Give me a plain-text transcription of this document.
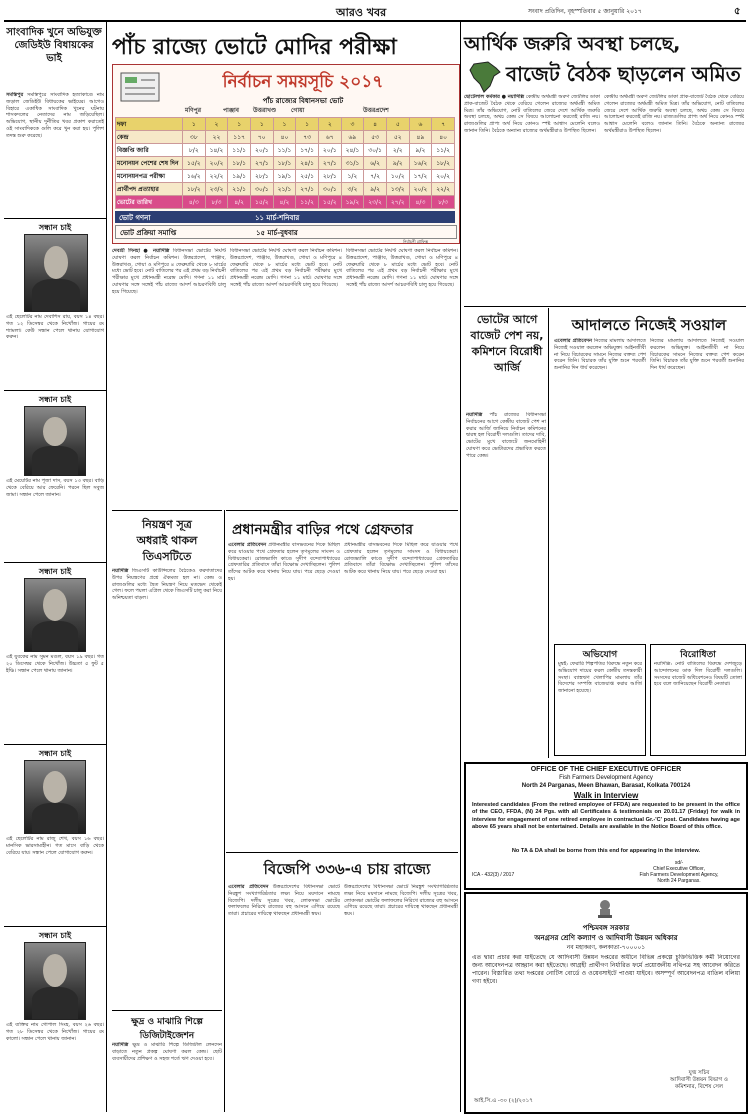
আরও খবর	সংবাদ প্রতিদিন, বৃহস্পতিবার ৫ জানুয়ারি ২০১৭	৫
সাংবাদিক খুনে অভিযুক্ত জেডিইউ বিধায়কের ভাই
সমস্তিপুর সমস্তিপুরে সাংবাদিক হত্যাকাণ্ডে নাম জড়াল জেডিইউ বিধায়কের ভাইয়ের। আগেও বিহারে একাধিক সাংবাদিক খুনের ঘটনায় শাসকদলের নেতাদের নাম জড়িয়েছিল। অভিযোগ, স্থানীয় দুর্নীতির খবর প্রকাশ করাতেই ওই সাংবাদিককে গুলি করে খুন করা হয়। পুলিশ তদন্ত শুরু করেছে।
সন্ধান চাই
এই ছেলেটির নাম দেবাশিস রায়, বয়স ১৪ বছর। গত ১২ ডিসেম্বর থেকে নিখোঁজ। গায়ের রং শ্যামলা। কেউ সন্ধান পেলে থানায় যোগাযোগ করুন।
সন্ধান চাই
এই মেয়েটির নাম পূজা দাস, বয়স ১৩ বছর। বাড়ি থেকে বেরিয়ে আর ফেরেনি। পরনে ছিল সবুজ জামা। সন্ধান পেলে জানান।
সন্ধান চাই
এই যুবকের নাম সুমন মণ্ডল, বয়স ১৯ বছর। গত ২০ ডিসেম্বর থেকে নিখোঁজ। উচ্চতা ৫ ফুট ৫ ইঞ্চি। সন্ধান পেলে থানায় জানান।
সন্ধান চাই
এই ছেলেটির নাম রাজু শেখ, বয়স ১৬ বছর। মানসিক ভারসাম্যহীন। গত মাসে বাড়ি থেকে বেরিয়ে যায়। সন্ধান পেলে যোগাযোগ করুন।
সন্ধান চাই
এই ব্যক্তির নাম গোপাল সিংহ, বয়স ২৬ বছর। গত ২৮ ডিসেম্বর থেকে নিখোঁজ। গায়ের রং কালো। সন্ধান পেলে থানায় জানান।
পাঁচ রাজ্যে ভোটে মোদির পরীক্ষা
নির্বাচন সময়সূচি ২০১৭
পাঁচ রাজ্যের বিধানসভা ভোট
মণিপুর	পাঞ্জাব উত্তরাখণ্ড গোয়া	উত্তরপ্রদেশ
দফা	১	২	১	১	১	১	২	৩	৪	৫	৬	৭
কেন্দ্র	৩৮	২২	১১৭	৭০	৪০	৭৩	৬৭	৬৯	৫৩	৫২	৪৯	৪০
বিজ্ঞপ্তি জারি	৮/২	১৪/২	১১/১	২০/১	১১/১	১৭/১	২০/১	২৪/১	৩০/১	২/২	৯/২	১১/২
মনোনয়ন পেশের শেষ দিন	১৫/২	২০/২	১৮/১	২৭/১	১৮/১	২৪/১	২৭/১	৩১/১	৬/২	৯/২	১৬/২	১৮/২
মনোনয়নপত্র পরীক্ষা	১৬/২	২২/২	১৯/১	২৮/১	১৯/১	২৫/১	২৮/১	১/২	৭/২	১০/২	১৭/২	২০/২
প্রার্থীপদ প্রত্যাহার	১৮/২	২৩/২	২১/১	৩০/১	২১/১	২৭/১	৩০/১	৩/২	৯/২	১৩/২	২০/২	২২/২
ভোটের তারিখ	৪/৩	৮/৩	৪/২	১৫/২	৪/২	১১/২	১৫/২	১৯/২	২৩/২	২৭/২	৪/৩	৮/৩
ভোট গণনা	১১ মার্চ-শনিবার
ভোট প্রক্রিয়া সমাপ্তি	১৫ মার্চ-বুধবার
নির্বাচনী গ্রাফিক্স
দেবশ্রী সিনহা ● নয়াদিল্লি বিধানসভা ভোটের নির্ঘণ্ট ঘোষণা করল নির্বাচন কমিশন। উত্তরপ্রদেশ, পাঞ্জাব, উত্তরাখণ্ড, গোয়া ও মণিপুরে ৪ ফেব্রুয়ারি থেকে ৮ মার্চের মধ্যে ভোট হবে। নোট বাতিলের পর এই প্রথম বড় নির্বাচনী পরীক্ষার মুখে প্রধানমন্ত্রী নরেন্দ্র মোদি। গণনা ১১ মার্চ। ঘোষণার সঙ্গে সঙ্গেই পাঁচ রাজ্যে আদর্শ আচরণবিধি চালু হয়ে গিয়েছে।
বিধানসভা ভোটের নির্ঘণ্ট ঘোষণা করল নির্বাচন কমিশন। উত্তরপ্রদেশ, পাঞ্জাব, উত্তরাখণ্ড, গোয়া ও মণিপুরে ৪ ফেব্রুয়ারি থেকে ৮ মার্চের মধ্যে ভোট হবে। নোট বাতিলের পর এই প্রথম বড় নির্বাচনী পরীক্ষার মুখে প্রধানমন্ত্রী নরেন্দ্র মোদি। গণনা ১১ মার্চ। ঘোষণার সঙ্গে সঙ্গেই পাঁচ রাজ্যে আদর্শ আচরণবিধি চালু হয়ে গিয়েছে।
বিধানসভা ভোটের নির্ঘণ্ট ঘোষণা করল নির্বাচন কমিশন। উত্তরপ্রদেশ, পাঞ্জাব, উত্তরাখণ্ড, গোয়া ও মণিপুরে ৪ ফেব্রুয়ারি থেকে ৮ মার্চের মধ্যে ভোট হবে। নোট বাতিলের পর এই প্রথম বড় নির্বাচনী পরীক্ষার মুখে প্রধানমন্ত্রী নরেন্দ্র মোদি। গণনা ১১ মার্চ। ঘোষণার সঙ্গে সঙ্গেই পাঁচ রাজ্যে আদর্শ আচরণবিধি চালু হয়ে গিয়েছে।
নিয়ন্ত্রণ সূত্র
অধরাই থাকল
তিএসটিতে
নয়াদিল্লি জিএসটি কাউন্সিলের বৈঠকেও করদাতাদের উপর নিয়ন্ত্রণের প্রশ্নে ঐকমত্য হল না। কেন্দ্র ও রাজ্যগুলির মধ্যে দ্বৈত নিয়ন্ত্রণ নিয়ে মতভেদ থেকেই গেল। ফলে পয়লা এপ্রিল থেকে জিএসটি চালু করা নিয়ে অনিশ্চয়তা বাড়ল।
ক্ষুদ্র ও মাঝারি শিল্পে
ডিজিটাইজেশন
নয়াদিল্লি ক্ষুদ্র ও মাঝারি শিল্পে ডিজিটাল লেনদেন বাড়াতে নতুন প্রকল্প ঘোষণা করল কেন্দ্র। ছোট ব্যবসায়ীদের প্রশিক্ষণ ও সহজ শর্তে ঋণ দেওয়া হবে।
প্রধানমন্ত্রীর বাড়ির পথে গ্রেফতার
এবেলার প্রতিবেদন প্রধানমন্ত্রীর বাসভবনের দিকে মিছিল করে যাওয়ার পথে গ্রেফতার হলেন তৃণমূলের সাংসদ ও বিধায়কেরা। রোজভ্যালি কাণ্ডে সুদীপ বন্দ্যোপাধ্যায়ের গ্রেফতারির প্রতিবাদে তাঁরা বিক্ষোভ দেখাচ্ছিলেন। পুলিশ তাঁদের আটক করে থানায় নিয়ে যায়। পরে ছেড়ে দেওয়া হয়।
প্রধানমন্ত্রীর বাসভবনের দিকে মিছিল করে যাওয়ার পথে গ্রেফতার হলেন তৃণমূলের সাংসদ ও বিধায়কেরা। রোজভ্যালি কাণ্ডে সুদীপ বন্দ্যোপাধ্যায়ের গ্রেফতারির প্রতিবাদে তাঁরা বিক্ষোভ দেখাচ্ছিলেন। পুলিশ তাঁদের আটক করে থানায় নিয়ে যায়। পরে ছেড়ে দেওয়া হয়।
বিজেপি ৩৩৬-এ চায় রাজ্যে
এবেলার প্রতিবেদন উত্তরপ্রদেশের বিধানসভা ভোটে নিরঙ্কুশ সংখ্যাগরিষ্ঠতার লক্ষ্য নিয়ে ময়দানে নামছে বিজেপি। দলীয় সূত্রের খবর, লোকসভা ভোটের ফলাফলের নিরিখে রাজ্যের বহু আসনে এগিয়ে রয়েছে তারা। প্রচারের দায়িত্বে থাকছেন প্রধানমন্ত্রী স্বয়ং।
উত্তরপ্রদেশের বিধানসভা ভোটে নিরঙ্কুশ সংখ্যাগরিষ্ঠতার লক্ষ্য নিয়ে ময়দানে নামছে বিজেপি। দলীয় সূত্রের খবর, লোকসভা ভোটের ফলাফলের নিরিখে রাজ্যের বহু আসনে এগিয়ে রয়েছে তারা। প্রচারের দায়িত্বে থাকছেন প্রধানমন্ত্রী স্বয়ং।
আর্থিক জরুরি অবস্থা চলছে,
বাজেট বৈঠক ছাড়লেন অমিত
ছোটেলাল কর্মকার ● নয়াদিল্লি কেন্দ্রীয় অর্থমন্ত্রী অরুণ জেটলির ডাকা প্রাক-বাজেট বৈঠক থেকে বেরিয়ে গেলেন রাজ্যের অর্থমন্ত্রী অমিত মিত্র। তাঁর অভিযোগ, নোট বাতিলের জেরে দেশে আর্থিক জরুরি অবস্থা চলছে, অথচ কেন্দ্র সে বিষয়ে আলোচনা করতেই রাজি নয়। রাজ্যগুলির প্রাপ্য অর্থ নিয়ে কোনও স্পষ্ট আশ্বাস মেলেনি বলেও জানান তিনি। বৈঠকে অন্যান্য রাজ্যের অর্থমন্ত্রীরাও উপস্থিত ছিলেন।
কেন্দ্রীয় অর্থমন্ত্রী অরুণ জেটলির ডাকা প্রাক-বাজেট বৈঠক থেকে বেরিয়ে গেলেন রাজ্যের অর্থমন্ত্রী অমিত মিত্র। তাঁর অভিযোগ, নোট বাতিলের জেরে দেশে আর্থিক জরুরি অবস্থা চলছে, অথচ কেন্দ্র সে বিষয়ে আলোচনা করতেই রাজি নয়। রাজ্যগুলির প্রাপ্য অর্থ নিয়ে কোনও স্পষ্ট আশ্বাস মেলেনি বলেও জানান তিনি। বৈঠকে অন্যান্য রাজ্যের অর্থমন্ত্রীরাও উপস্থিত ছিলেন।
ভোটের আগে বাজেট পেশ নয়, কমিশনে বিরোধী আর্জি
নয়াদিল্লি পাঁচ রাজ্যের বিধানসভা নির্বাচনের আগে কেন্দ্রীয় বাজেট পেশ না করার আর্জি জানিয়ে নির্বাচন কমিশনের দ্বারস্থ হল বিরোধী দলগুলি। তাদের দাবি, ভোটের মুখে বাজেটে জনমোহিনী ঘোষণা করে ভোটারদের প্রভাবিত করতে পারে কেন্দ্র।
আদালতে নিজেই সওয়াল
এবেলার প্রতিবেদন নিজের মামলায় আদালতে নিজেই সওয়াল করলেন অভিযুক্ত। আইনজীবী না নিয়ে বিচারকের সামনে নিজের বক্তব্য পেশ করেন তিনি। বিচারক তাঁর যুক্তি শুনে পরবর্তী শুনানির দিন ধার্য করেছেন।
নিজের মামলায় আদালতে নিজেই সওয়াল করলেন অভিযুক্ত। আইনজীবী না নিয়ে বিচারকের সামনে নিজের বক্তব্য পেশ করেন তিনি। বিচারক তাঁর যুক্তি শুনে পরবর্তী শুনানির দিন ধার্য করেছেন।
অভিযোগ
মুম্বই: ফেরারি শিল্পপতির বিরুদ্ধে নতুন করে অভিযোগ দায়ের করল কেন্দ্রীয় তদন্তকারী সংস্থা। ব্যাঙ্কঋণ খেলাপির মামলায় তাঁর বিদেশের সম্পত্তি বাজেয়াপ্ত করার আর্জি জানানো হয়েছে।
বিরোধিতা
নয়াদিল্লি: নোট বাতিলের বিরুদ্ধে দেশজুড়ে আন্দোলনের ডাক দিল বিরোধী দলগুলি। সংসদের বাজেট অধিবেশনেও বিষয়টি তোলা হবে বলে জানিয়েছেন বিরোধী নেতারা।
OFFICE OF THE CHIEF EXECUTIVE OFFICER
Fish Farmers Development Agency
North 24 Parganas, Meen Bhawan, Barasat, Kolkata 700124
Walk in Interview
Interested candidates (From the retired employee of FFDA) are requested to be present in the office of the CEO, FFDA, (N) 24 Pgs. with all Certificates & testimonials on 20.01.17 (Friday) for walk in interview for engagement of one retired employee in contractual Gr.-'C' post. Candidates having age above 65 years shall not be entertained. Details are available in the Notice Board of this office.
No TA & DA shall be borne from this end for appearing in the interview.
sd/-
Chief Executive Officer,
Fish Farmers Development Agency,
North 24 Parganas.
ICA - 432(3) / 2017
পশ্চিমবঙ্গ সরকার
অনগ্রসর শ্রেণি কল্যাণ ও আদিবাসী উন্নয়ন অধিকার
নব মহাকরণ, কলকাতা-৭০০০০১
এত দ্বারা প্রচার করা যাইতেছে যে আদিবাসী উন্নয়ন দপ্তরের অধীনে বিভিন্ন প্রকল্পে চুক্তিভিত্তিক কর্মী নিয়োগের জন্য আবেদনপত্র আহ্বান করা হইতেছে। আগ্রহী প্রার্থীগণ নির্ধারিত ফর্মে প্রয়োজনীয় নথিপত্র সহ আবেদন করিতে পারেন। বিস্তারিত তথ্য দপ্তরের নোটিস বোর্ডে ও ওয়েবসাইটে পাওয়া যাইবে। অসম্পূর্ণ আবেদনপত্র বাতিল বলিয়া গণ্য হইবে।
যুগ্ম সচিব
আদিবাসী উন্নয়ন বিভাগ ও
কমিশনার, বিশেষ সেল
আই.সি.এ -৩০ (২)/২০১৭
